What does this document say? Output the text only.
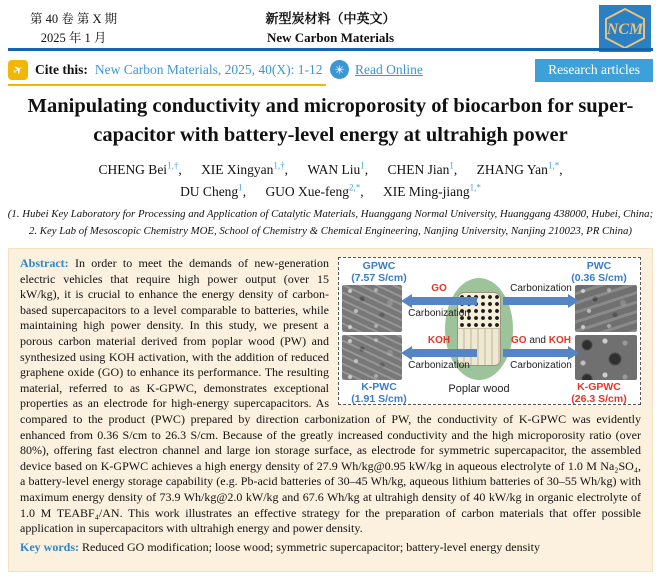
第 40 卷 第 X 期
2025 年 1 月
新型炭材料（中英文）
New Carbon Materials	NCM
✈ Cite this: New Carbon Materials, 2025, 40(X): 1-12	✳ Read Online	Research articles
Manipulating conductivity and microporosity of biocarbon for super-
capacitor with battery-level energy at ultrahigh power
CHENG Bei$^{1,\dagger}$, XIE Xingyan$^{1,\dagger}$, WAN Liu$^1$, CHEN Jian$^1$, ZHANG Yan$^{1,*}$,
DU Cheng$^1$, GUO Xue-feng$^{2,*}$, XIE Ming-jiang$^{1,*}$
(1. Hubei Key Laboratory for Processing and Application of Catalytic Materials, Huanggang Normal University, Huanggang 438000, Hubei, China;
2. Key Lab of Mesoscopic Chemistry MOE, School of Chemistry & Chemical Engineering, Nanjing University, Nanjing 210023, PR China)
GPWC
(7.57 S/cm)
PWC
(0.36 S/cm)
K-PWC
(1.91 S/cm)
K-GPWC
(26.3 S/cm)
Poplar wood
GO
Carbonization
Carbonization
KOH
Carbonization
GO and KOH
Carbonization

Abstract: In order to meet the demands of new-generation electric vehicles that require high power output (over 15 kW/kg), it is crucial to enhance the energy density of carbon-based supercapacitors to a level comparable to batteries, while maintaining high power density. In this study, we present a porous carbon material derived from poplar wood (PW) and synthesized using KOH activation, with the addition of reduced graphene oxide (GO) to enhance its performance. The resulting material, referred to as K-GPWC, demonstrates exceptional properties as an electrode for high-energy supercapacitors. As compared to the product (PWC) prepared by direction carbonization of PW, the conductivity of K-GPWC was evidently enhanced from 0.36 S/cm to 26.3 S/cm. Because of the greatly increased conductivity and the high microporosity ratio (over 80%), offering fast electron channel and large ion storage surface, as electrode for symmetric supercapacitor, the assembled device based on K-GPWC achieves a high energy density of 27.9 Wh/kg@0.95 kW/kg in aqueous electrolyte of 1.0 M Na₂SO₄, a battery-level energy storage capability (e.g. Pb-acid batteries of 30–45 Wh/kg, aqueous lithium batteries of 30–55 Wh/kg) with maximum energy density of 73.9 Wh/kg@2.0 kW/kg and 67.6 Wh/kg at ultrahigh density of 40 kW/kg in organic electrolyte of 1.0 M TEABF₄/AN. This work illustrates an effective strategy for the preparation of carbon materials that offer possible application in supercapacitors with ultrahigh energy and power density.

Key words: Reduced GO modification; loose wood; symmetric supercapacitor; battery-level energy density
